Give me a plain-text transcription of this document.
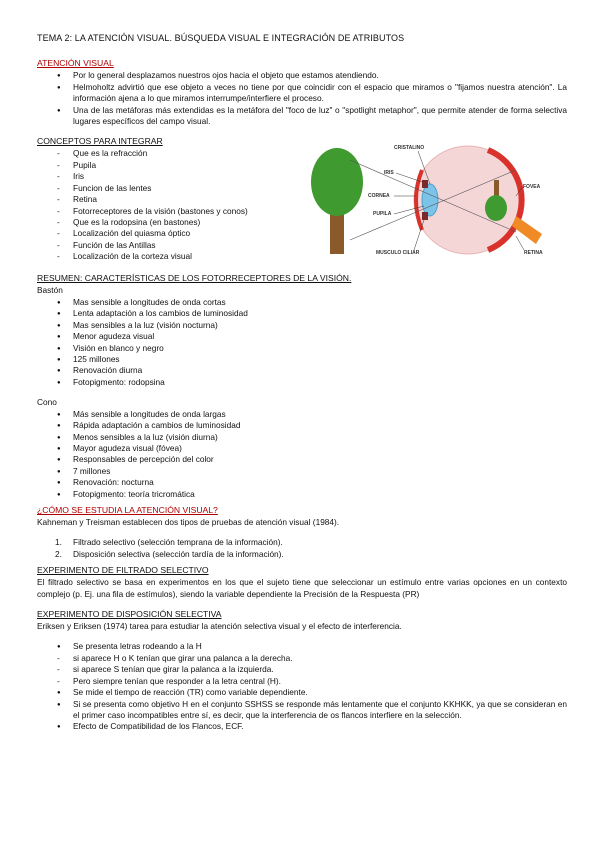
TEMA 2: LA ATENCIÓN VISUAL. BÚSQUEDA VISUAL E INTEGRACIÓN DE ATRIBUTOS
ATENCIÓN VISUAL
● Por lo general desplazamos nuestros ojos hacia el objeto que estamos atendiendo.
● Helmoholtz advirtió que ese objeto a veces no tiene por que coincidir con el espacio que miramos o "fijamos nuestra atención". La información ajena a lo que miramos interrumpe/interfiere el proceso.
● Una de las metáforas más extendidas es la metáfora del "foco de luz" o "spotlight metaphor", que permite atender de forma selectiva lugares específicos del campo visual.
CONCEPTOS PARA INTEGRAR
- Que es la refracción
- Pupila
- Iris
- Funcion de las lentes
- Retina
- Fotorreceptores de la visión (bastones y conos)
- Que es la rodopsina (en bastones)
- Localización del quiasma óptico
- Función de las Antillas
- Localización de la corteza visual
CRISTALINO
IRIS
CORNEA
PUPILA
MUSCULO CILIAR
FOVEA
RETINA
RESUMEN: CARACTERÍSTICAS DE LOS FOTORRECEPTORES DE LA VISIÓN.
Bastón
● Mas sensible a longitudes de onda cortas
● Lenta adaptación a los cambios de luminosidad
● Mas sensibles a la luz (visión nocturna)
● Menor agudeza visual
● Visión en blanco y negro
● 125 millones
● Renovación diurna
● Fotopigmento: rodopsina
Cono
● Más sensible a longitudes de onda largas
● Rápida adaptación a cambios de luminosidad
● Menos sensibles a la luz (visión diurna)
● Mayor agudeza visual (fóvea)
● Responsables de percepción del color
● 7 millones
● Renovación: nocturna
● Fotopigmento: teoría tricromática
¿CÓMO SE ESTUDIA LA ATENCIÓN VISUAL?
Kahneman y Treisman establecen dos tipos de pruebas de atención visual (1984).
1. Filtrado selectivo (selección temprana de la información).
2. Disposición selectiva (selección tardía de la información).
EXPERIMENTO DE FILTRADO SELECTIVO
El filtrado selectivo se basa en experimentos en los que el sujeto tiene que seleccionar un estímulo entre varias opciones en un contexto complejo (p. Ej. una fila de estímulos), siendo la variable dependiente la Precisión de la Respuesta (PR)
EXPERIMENTO DE DISPOSICIÓN SELECTIVA
Eriksen y Eriksen (1974) tarea para estudiar la atención selectiva visual y el efecto de interferencia.
● Se presenta letras rodeando a la H
- si aparece H o K tenían que girar una palanca a la derecha.
- si aparece S tenían que girar la palanca a la izquierda.
- Pero siempre tenían que responder a la letra central (H).
● Se mide el tiempo de reacción (TR) como variable dependiente.
● Si se presenta como objetivo H en el conjunto SSHSS se responde más lentamente que el conjunto KKHKK, ya que se consideran en el primer caso incompatibles entre sí, es decir, que la interferencia de os flancos interfiere en la selección.
● Efecto de Compatibilidad de los Flancos, ECF.
